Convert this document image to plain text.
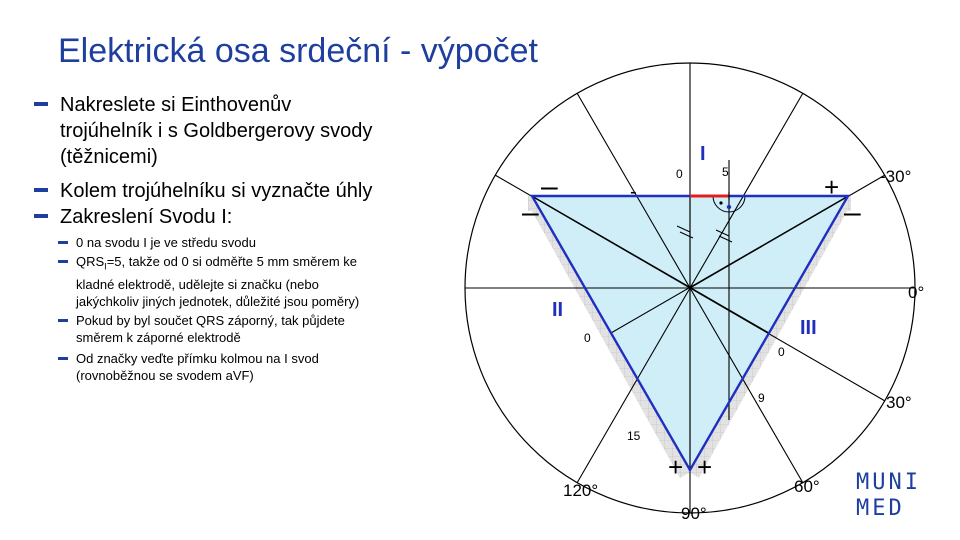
Elektrická osa srdeční - výpočet
Nakreslete si Einthovenův
trojúhelník i s Goldbergerovy svody
(těžnicemi)
Kolem trojúhelníku si vyznačte úhly
Zakreslení Svodu I:
0 na svodu I je ve středu svodu
$QRS_I=5$, takže od 0 si odměřte 5 mm směrem ke
kladné elektrodě, udělejte si značku (nebo
jakýchkoliv jiných jednotek, důležité jsou poměry)
Pokud by byl součet QRS záporný, tak půjdete
směrem k záporné elektrodě
Od značky veďte přímku kolmou na I svod
(rovnoběžnou se svodem aVF)
I
II
III
0	5
0
15
0
9
–
–	–
+
-
+ +
-30°
0°
30°
60°
90°
120°	MUNI
MED
